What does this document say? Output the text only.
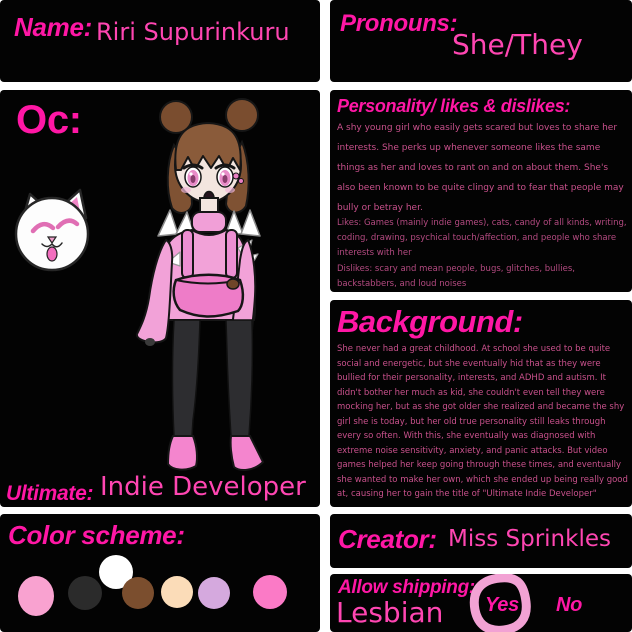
Name: Riri Supurinkuru Pronouns:
She/They
Oc:
Ultimate: Indie Developer
Personality/ likes & dislikes:
A shy young girl who easily gets scared but loves to share her interests. She perks up whenever someone likes the same things as her and loves to rant on and on about them. She's also been known to be quite clingy and to fear that people may bully or betray her.
Likes: Games (mainly indie games), cats, candy of all kinds, writing, coding, drawing, psychical touch/affection, and people who share interests with her
Dislikes: scary and mean people, bugs, glitches, bullies, backstabbers, and loud noises
Background:
She never had a great childhood. At school she used to be quite social and energetic, but she eventually hid that as they were bullied for their personality, interests, and ADHD and autism. It didn't bother her much as kid, she couldn't even tell they were mocking her, but as she got older she realized and became the shy girl she is today, but her old true personality still leaks through every so often. With this, she eventually was diagnosed with extreme noise sensitivity, anxiety, and panic attacks. But video games helped her keep going through these times, and eventually she wanted to make her own, which she ended up being really good at, causing her to gain the title of "Ultimate Indie Developer"
Color scheme:	Creator: Miss Sprinkles
Allow shipping:
Lesbian Yes No
